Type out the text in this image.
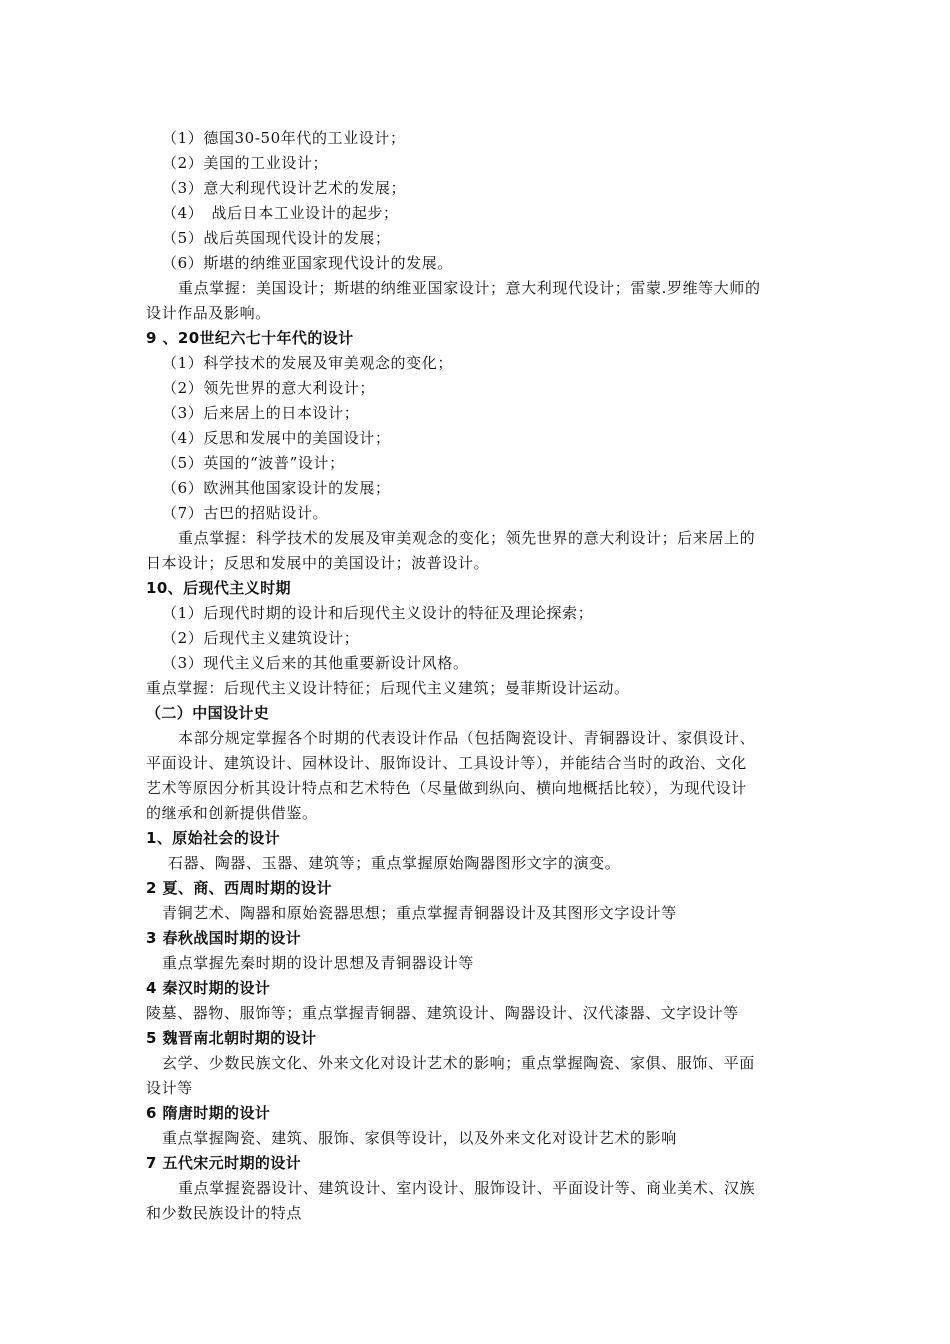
（1）德国30-50年代的工业设计；
（2）美国的工业设计；
（3）意大利现代设计艺术的发展；
（4）　战后日本工业设计的起步；
（5）战后英国现代设计的发展；
（6）斯堪的纳维亚国家现代设计的发展。
重点掌握：美国设计；斯堪的纳维亚国家设计；意大利现代设计；雷蒙.罗维等大师的
设计作品及影响。
9 、20世纪六七十年代的设计
（1）科学技术的发展及审美观念的变化；
（2）领先世界的意大利设计；
（3）后来居上的日本设计；
（4）反思和发展中的美国设计；
（5）英国的“波普”设计；
（6）欧洲其他国家设计的发展；
（7）古巴的招贴设计。
重点掌握：科学技术的发展及审美观念的变化；领先世界的意大利设计；后来居上的
日本设计；反思和发展中的美国设计；波普设计。
10、后现代主义时期
（1）后现代时期的设计和后现代主义设计的特征及理论探索；
（2）后现代主义建筑设计；
（3）现代主义后来的其他重要新设计风格。
重点掌握：后现代主义设计特征；后现代主义建筑；曼菲斯设计运动。
（二）中国设计史
本部分规定掌握各个时期的代表设计作品（包括陶瓷设计、青铜器设计、家俱设计、
平面设计、建筑设计、园林设计、服饰设计、工具设计等），并能结合当时的政治、文化
艺术等原因分析其设计特点和艺术特色（尽量做到纵向、横向地概括比较），为现代设计
的继承和创新提供借鉴。
1、原始社会的设计
石器、陶器、玉器、建筑等；重点掌握原始陶器图形文字的演变。
2 夏、商、西周时期的设计
青铜艺术、陶器和原始瓷器思想；重点掌握青铜器设计及其图形文字设计等
3 春秋战国时期的设计
重点掌握先秦时期的设计思想及青铜器设计等
4 秦汉时期的设计
陵墓、器物、服饰等；重点掌握青铜器、建筑设计、陶器设计、汉代漆器、文字设计等
5 魏晋南北朝时期的设计
玄学、少数民族文化、外来文化对设计艺术的影响；重点掌握陶瓷、家俱、服饰、平面
设计等
6 隋唐时期的设计
重点掌握陶瓷、建筑、服饰、家俱等设计，以及外来文化对设计艺术的影响
7 五代宋元时期的设计
重点掌握瓷器设计、建筑设计、室内设计、服饰设计、平面设计等、商业美术、汉族
和少数民族设计的特点
